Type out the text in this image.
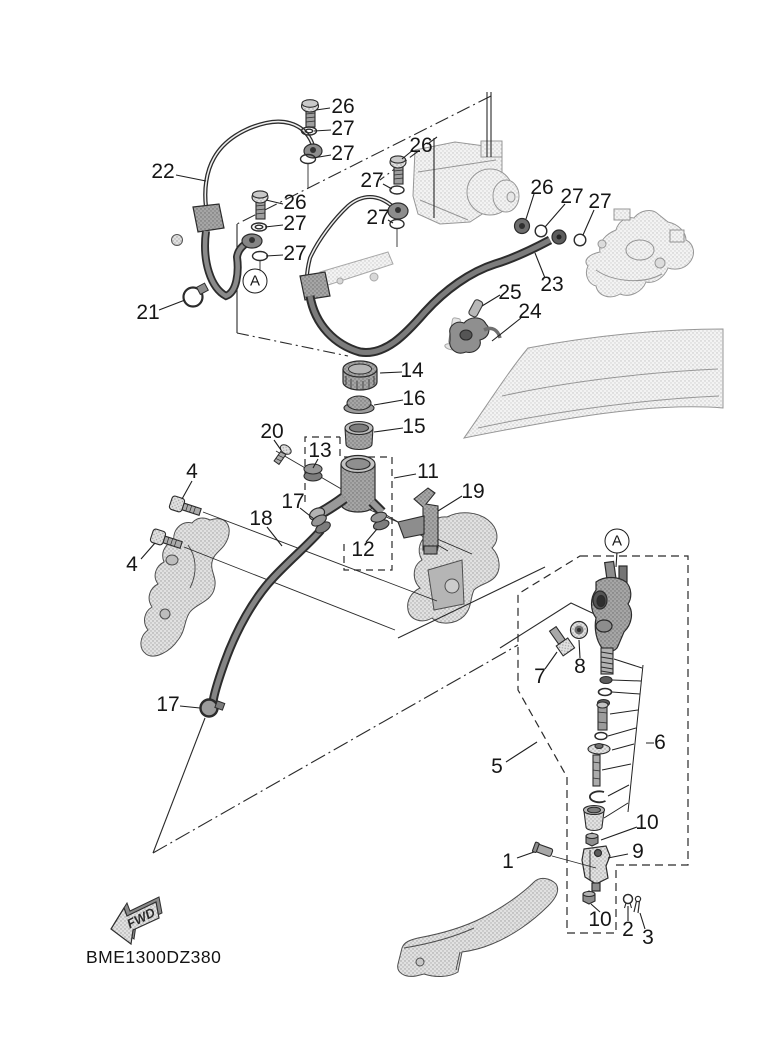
FWD
26
27
27
22
26
27
27
26
27
27
21
26 27 27
23
25
24
14
16
15
20
13
11
19
17
18
12
4
4
17
7 8
6
5
10
9
1
10 2 3
A
A
BME1300DZ380
